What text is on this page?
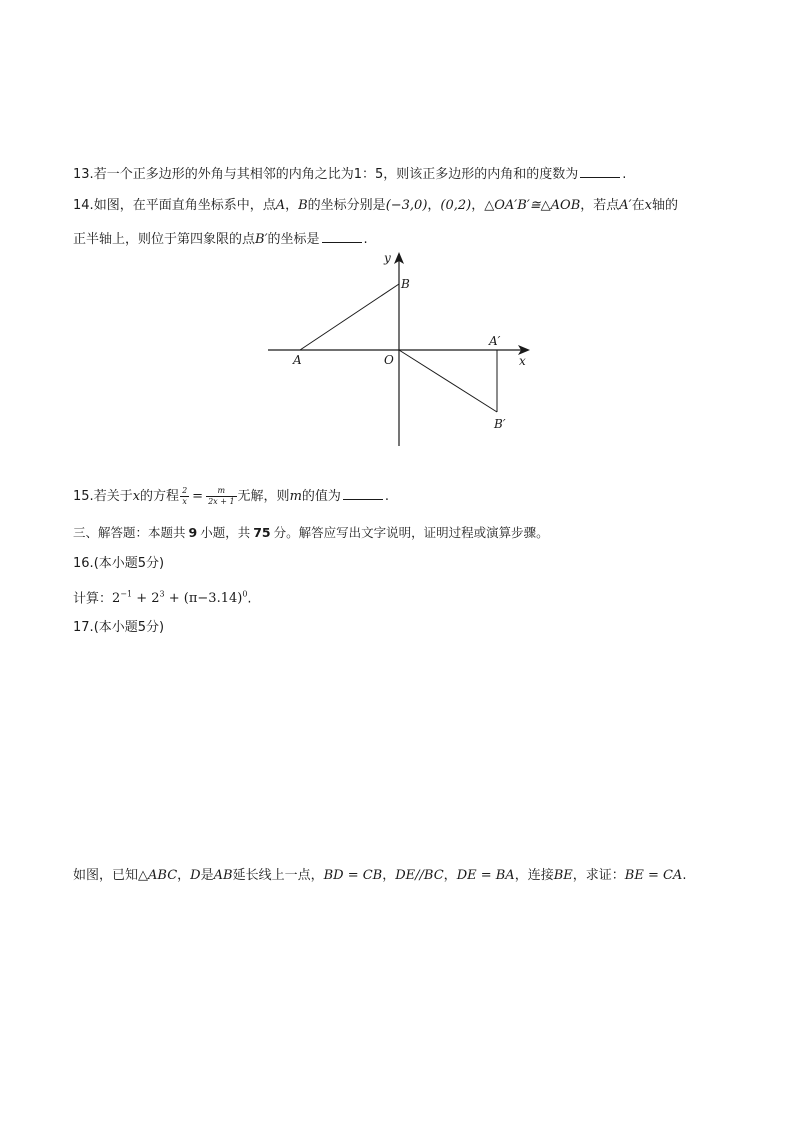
13.若一个正多边形的外角与其相邻的内角之比为1：5，则该正多边形的内角和的度数为	.
14.如图，在平面直角坐标系中，点A，B的坐标分别是(−3,0)，(0,2)，△OA′B′≅△AOB，若点A′在x轴的
正半轴上，则位于第四象限的点B′的坐标是	.
y
x
B
A	O
A′
B′
15.若关于x的方程 $\frac{2}{x} = \frac{m}{2x + 1}$ 无解，则m的值为	.
三、解答题：本题共 9 小题，共 75 分。解答应写出文字说明，证明过程或演算步骤。
16.(本小题5分)
计算：$2^{-1} + 2^3 + (\pi-3.14)^0$.
17.(本小题5分)
如图，已知△ABC，D是AB延长线上一点，BD = CB，DE//BC，DE = BA，连接BE，求证：BE = CA.
